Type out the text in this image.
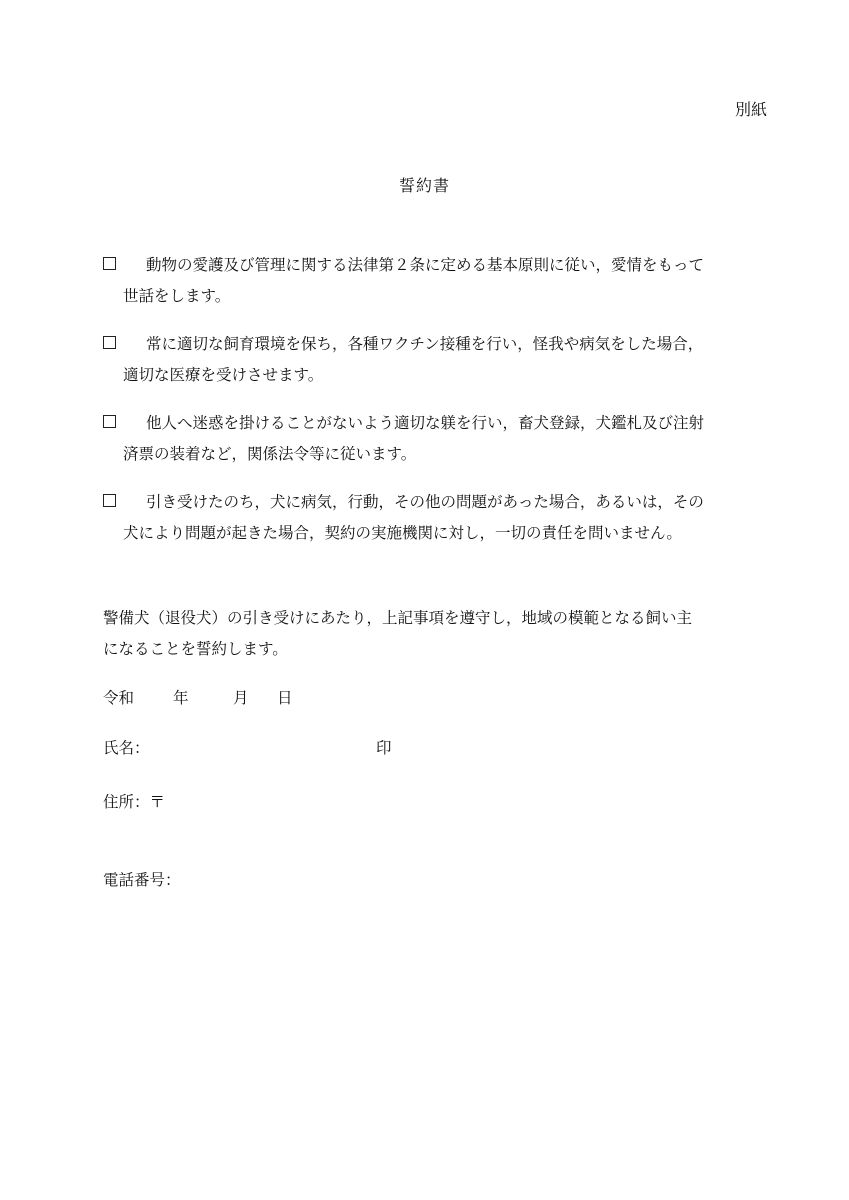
別紙
誓約書
動物の愛護及び管理に関する法律第２条に定める基本原則に従い，愛情をもって
世話をします。
常に適切な飼育環境を保ち，各種ワクチン接種を行い，怪我や病気をした場合，
適切な医療を受けさせます。
他人へ迷惑を掛けることがないよう適切な躾を行い，畜犬登録，犬鑑札及び注射
済票の装着など，関係法令等に従います。
引き受けたのち，犬に病気，行動，その他の問題があった場合，あるいは，その
犬により問題が起きた場合，契約の実施機関に対し，一切の責任を問いません。
警備犬（退役犬）の引き受けにあたり，上記事項を遵守し，地域の模範となる飼い主
になることを誓約します。
令和	年	月 日
氏名：	印
住所：〒
電話番号：
